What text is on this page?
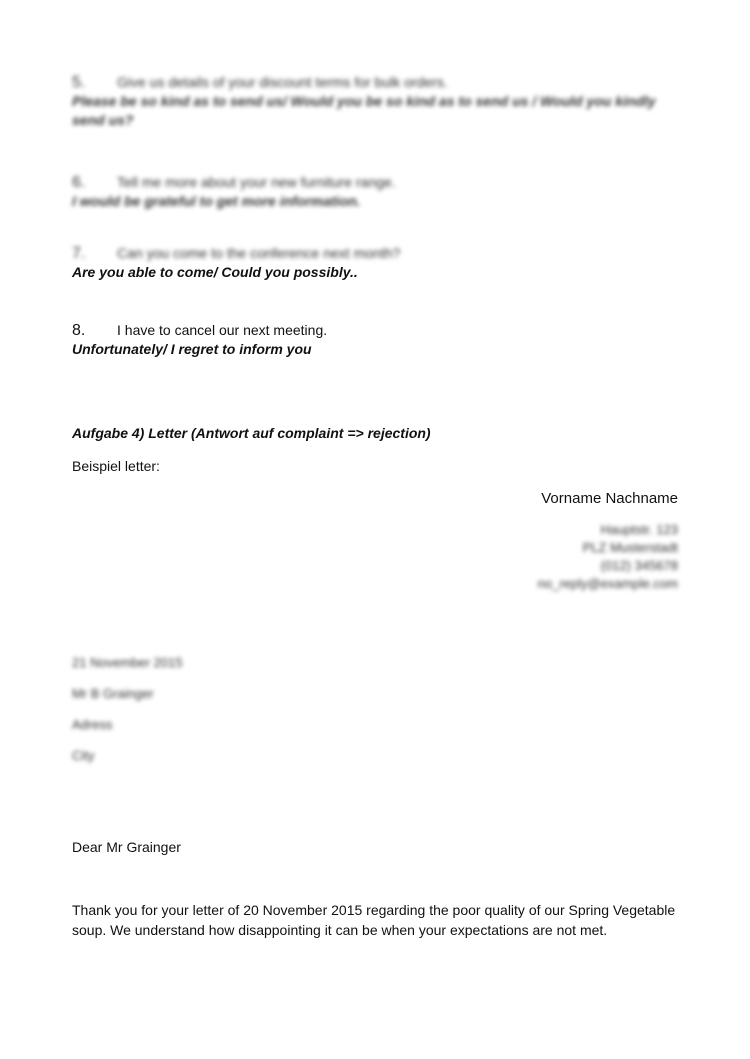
5. Give us details of your discount terms for bulk orders.
Please be so kind as to send us/ Would you be so kind as to send us / Would you kindly send us?
6. Tell me more about your new furniture range.
I would be grateful to get more information.
7. Can you come to the conference next month?
Are you able to come/ Could you possibly..
8. I have to cancel our next meeting.
Unfortunately/ I regret to inform you
Aufgabe 4) Letter (Antwort auf complaint => rejection)
Beispiel letter:
Vorname Nachname
Hauptstr. 123
PLZ Musterstadt
(012) 345678
no_reply@example.com
21 November 2015
Mr B Grainger
Adress
City
Dear Mr Grainger
Thank you for your letter of 20 November 2015 regarding the poor quality of our Spring Vegetable soup. We understand how disappointing it can be when your expectations are not met.
